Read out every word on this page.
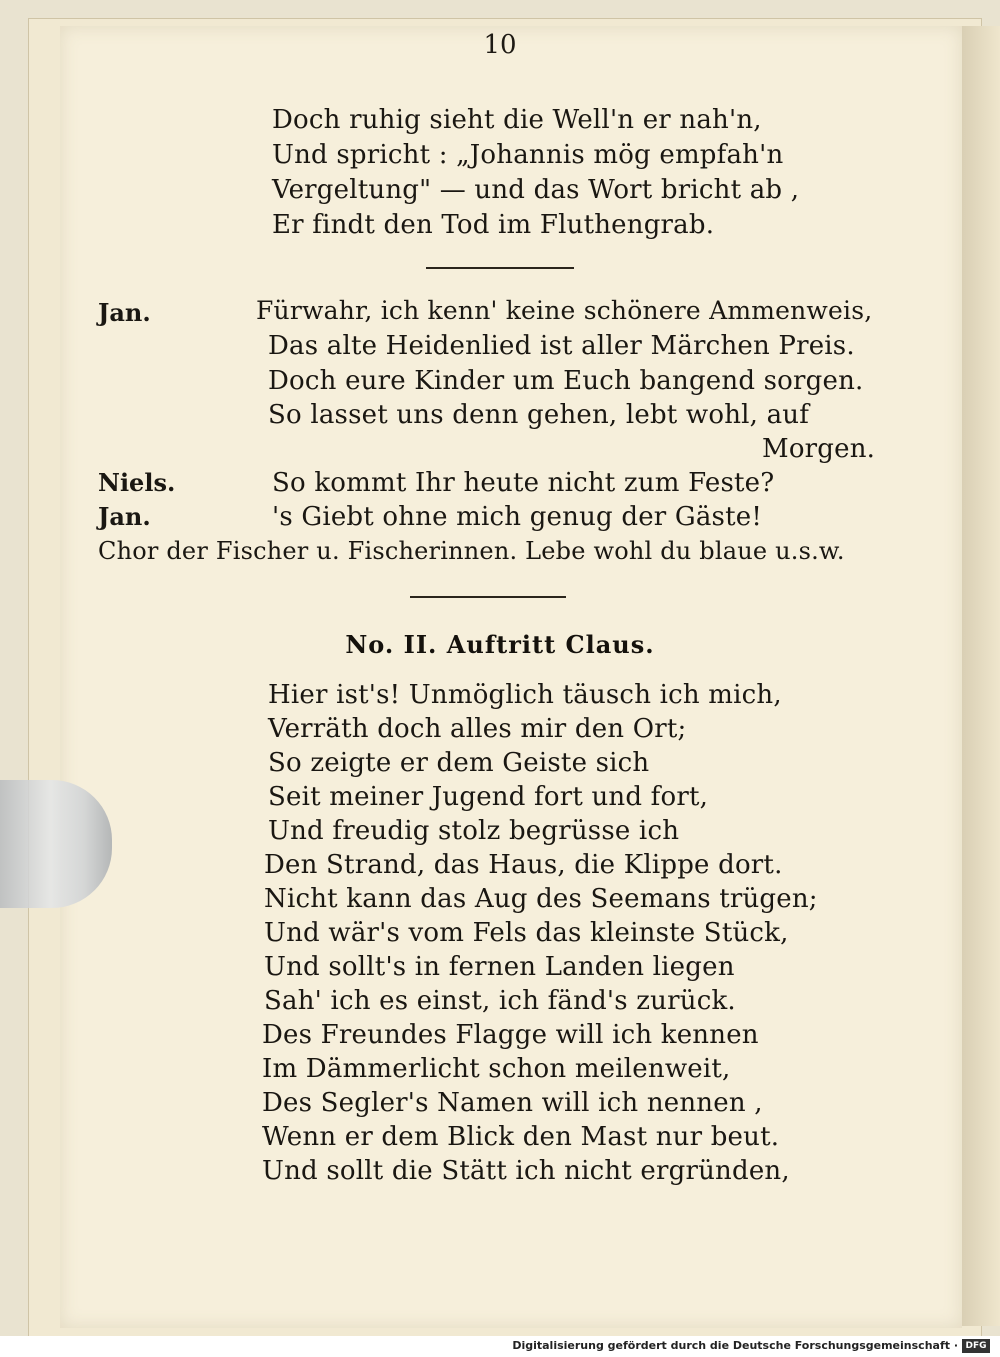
10
Doch ruhig sieht die Well'n er nah'n,
Und spricht : „Johannis mög empfah'n
Vergeltung" — und das Wort bricht ab ,
Er findt den Tod im Fluthengrab.
Jan.	Fürwahr, ich kenn' keine schönere Ammenweis,
Das alte Heidenlied ist aller Märchen Preis.
Doch eure Kinder um Euch bangend sorgen.
So lasset uns denn gehen, lebt wohl, auf
Morgen.
Niels.	So kommt Ihr heute nicht zum Feste?
Jan.	's Giebt ohne mich genug der Gäste!
Chor der Fischer u. Fischerinnen. Lebe wohl du blaue u.s.w.
No. II. Auftritt Claus.
Hier ist's! Unmöglich täusch ich mich,
Verräth doch alles mir den Ort;
So zeigte er dem Geiste sich
Seit meiner Jugend fort und fort,
Und freudig stolz begrüsse ich
Den Strand, das Haus, die Klippe dort.
Nicht kann das Aug des Seemans trügen;
Und wär's vom Fels das kleinste Stück,
Und sollt's in fernen Landen liegen
Sah' ich es einst, ich fänd's zurück.
Des Freundes Flagge will ich kennen
Im Dämmerlicht schon meilenweit,
Des Segler's Namen will ich nennen ,
Wenn er dem Blick den Mast nur beut.
Und sollt die Stätt ich nicht ergründen,
Digitalisierung gefördert durch die Deutsche Forschungsgemeinschaft · DFG
